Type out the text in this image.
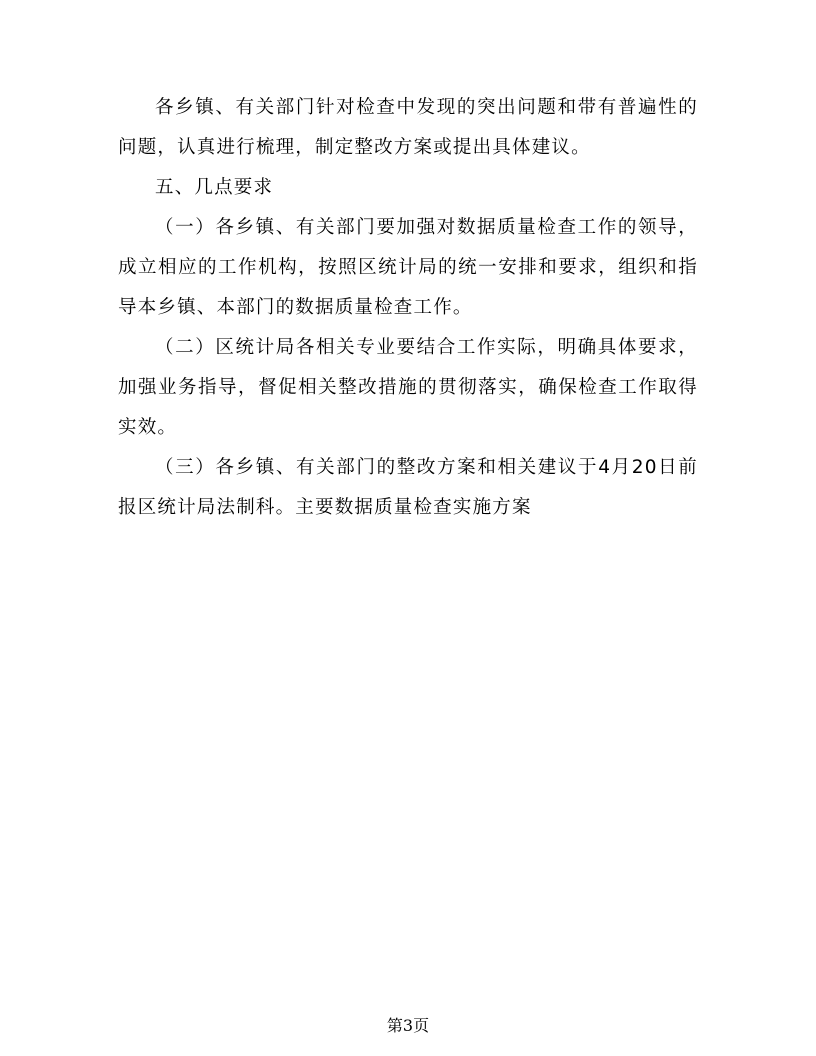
各乡镇、有关部门针对检查中发现的突出问题和带有普遍性的问题，认真进行梳理，制定整改方案或提出具体建议。

五、几点要求

（一）各乡镇、有关部门要加强对数据质量检查工作的领导，成立相应的工作机构，按照区统计局的统一安排和要求，组织和指导本乡镇、本部门的数据质量检查工作。

（二）区统计局各相关专业要结合工作实际，明确具体要求，加强业务指导，督促相关整改措施的贯彻落实，确保检查工作取得实效。

（三）各乡镇、有关部门的整改方案和相关建议于4月20日前报区统计局法制科。主要数据质量检查实施方案

第3页
